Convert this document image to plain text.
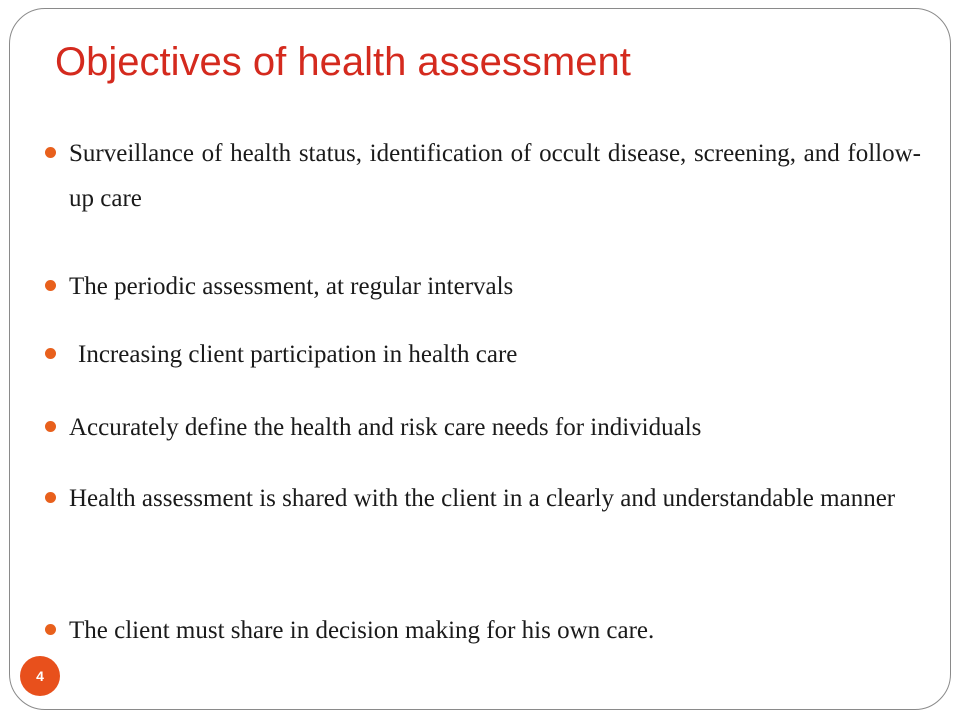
Objectives of health assessment
Surveillance of health status, identification of occult disease, screening, and follow-up care
The periodic assessment, at regular intervals
Increasing client participation in health care
Accurately define the health and risk care needs for individuals
Health assessment is shared with the client in a clearly and understandable manner
The client must share in decision making for his own care.
4
